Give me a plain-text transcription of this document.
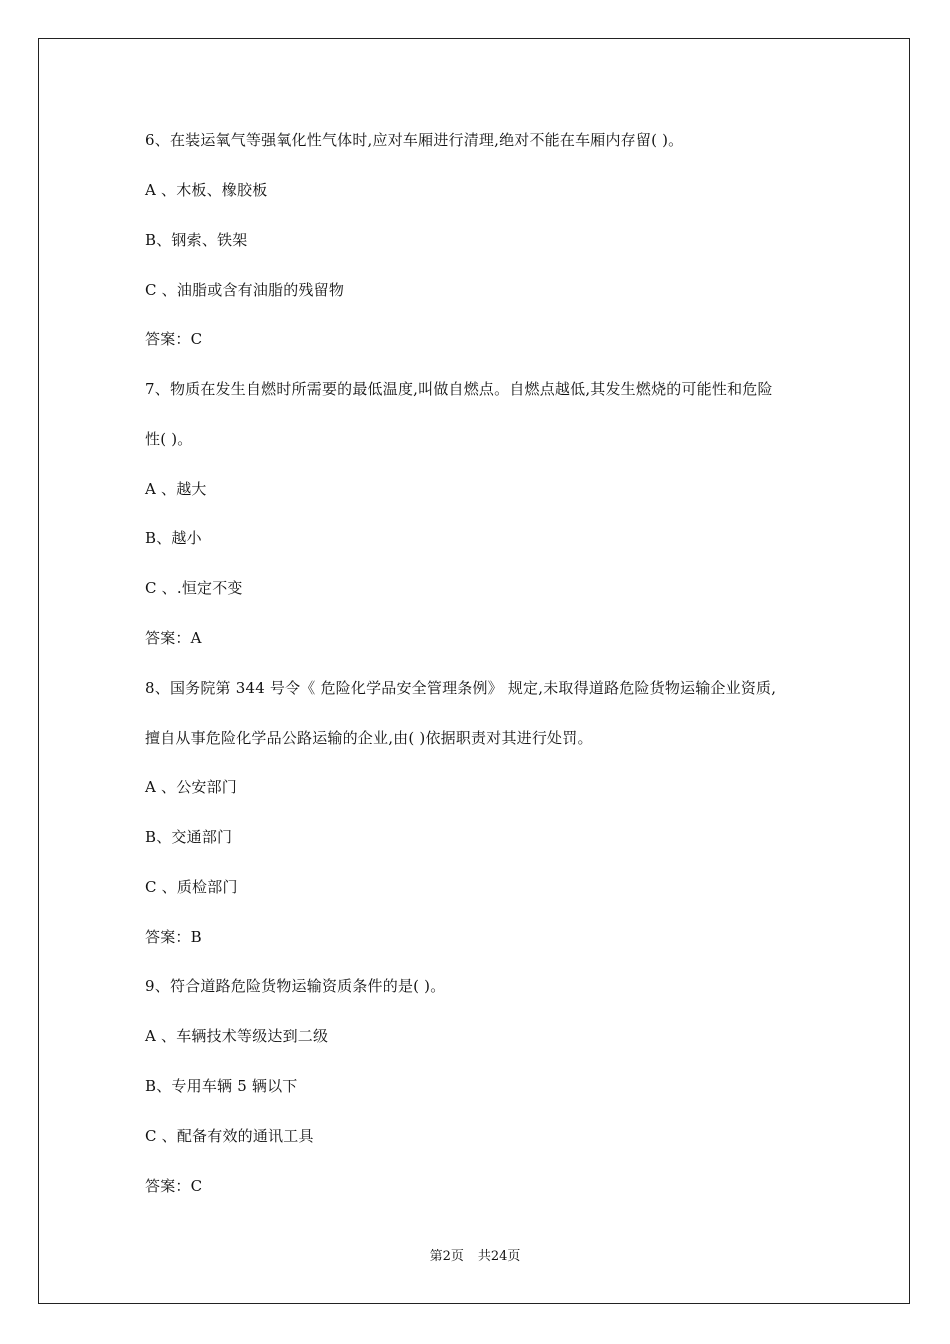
6、在装运氧气等强氧化性气体时,应对车厢进行清理,绝对不能在车厢内存留( )。
A 、木板、橡胶板
B、钢索、铁架
C 、油脂或含有油脂的残留物
答案：C
7、物质在发生自燃时所需要的最低温度,叫做自燃点。自燃点越低,其发生燃烧的可能性和危险
性( )。
A 、越大
B、越小
C 、.恒定不变
答案：A
8、国务院第 344 号令《 危险化学品安全管理条例》 规定,未取得道路危险货物运输企业资质,
擅自从事危险化学品公路运输的企业,由( )依据职责对其进行处罚。
A 、公安部门
B、交通部门
C 、质检部门
答案：B
9、符合道路危险货物运输资质条件的是( )。
A 、车辆技术等级达到二级
B、专用车辆 5 辆以下
C 、配备有效的通讯工具
答案：C
第2页 共24页
